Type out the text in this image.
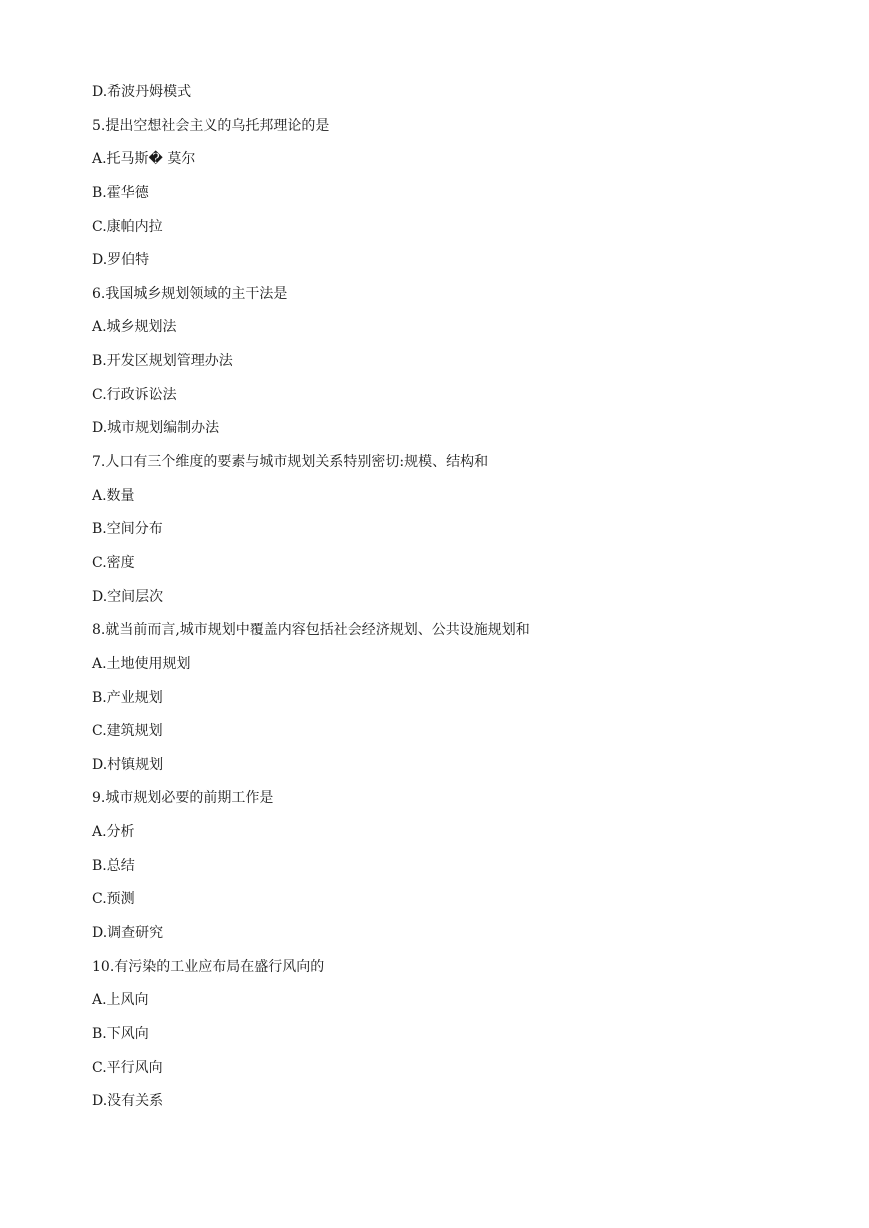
D.希波丹姆模式
5.提出空想社会主义的乌托邦理论的是
A.托马斯� 莫尔
B.霍华德
C.康帕内拉
D.罗伯特
6.我国城乡规划领域的主干法是
A.城乡规划法
B.开发区规划管理办法
C.行政诉讼法
D.城市规划编制办法
7.人口有三个维度的要素与城市规划关系特别密切:规模、结构和
A.数量
B.空间分布
C.密度
D.空间层次
8.就当前而言,城市规划中覆盖内容包括社会经济规划、公共设施规划和
A.土地使用规划
B.产业规划
C.建筑规划
D.村镇规划
9.城市规划必要的前期工作是
A.分析
B.总结
C.预测
D.调查研究
10.有污染的工业应布局在盛行风向的
A.上风向
B.下风向
C.平行风向
D.没有关系
